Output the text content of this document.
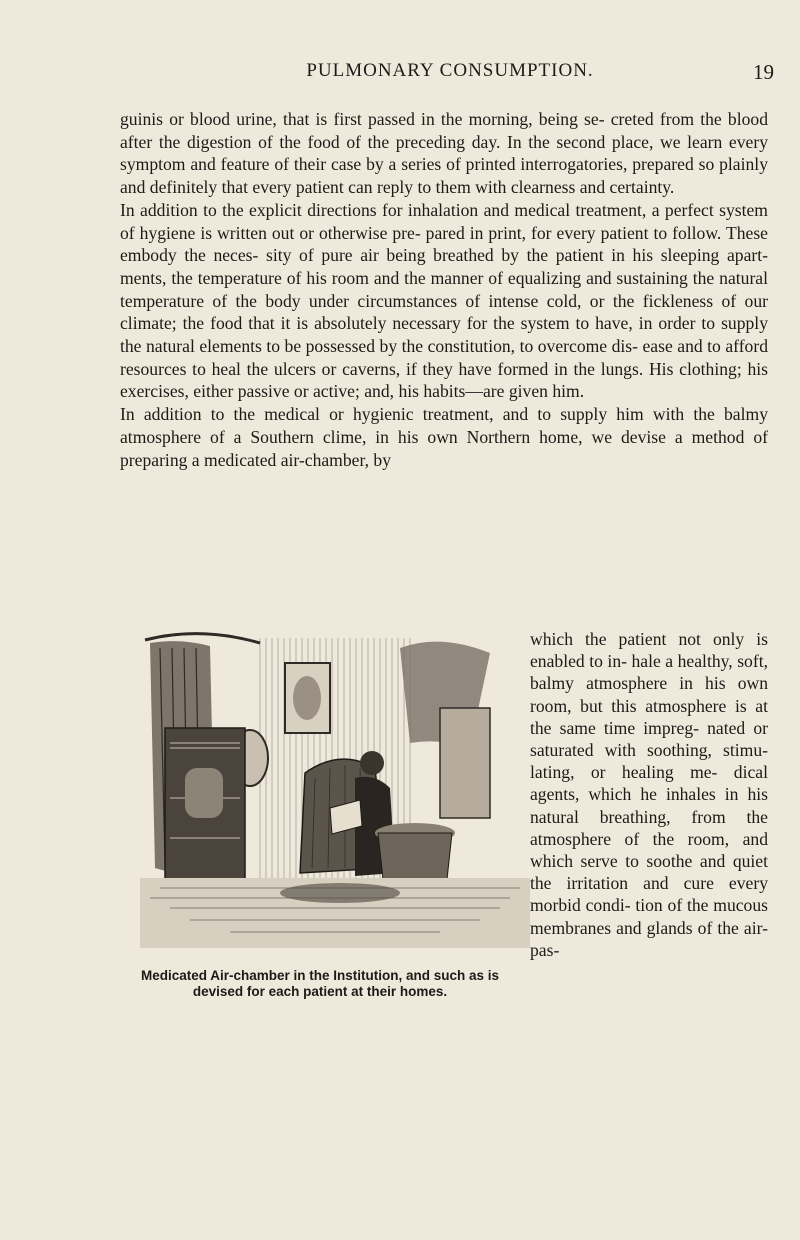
PULMONARY CONSUMPTION.	19

guinis or blood urine, that is first passed in the morning, being se- creted from the blood after the digestion of the food of the preceding day. In the second place, we learn every symptom and feature of their case by a series of printed interrogatories, prepared so plainly and definitely that every patient can reply to them with clearness and certainty.

In addition to the explicit directions for inhalation and medical treatment, a perfect system of hygiene is written out or otherwise pre- pared in print, for every patient to follow. These embody the neces- sity of pure air being breathed by the patient in his sleeping apart- ments, the temperature of his room and the manner of equalizing and sustaining the natural temperature of the body under circumstances of intense cold, or the fickleness of our climate; the food that it is absolutely necessary for the system to have, in order to supply the natural elements to be possessed by the constitution, to overcome dis- ease and to afford resources to heal the ulcers or caverns, if they have formed in the lungs. His clothing; his exercises, either passive or active; and, his habits—are given him.

In addition to the medical or hygienic treatment, and to supply him with the balmy atmosphere of a Southern clime, in his own Northern home, we devise a method of preparing a medicated air-chamber, by

Medicated Air-chamber in the Institution, and such as is devised for each patient at their homes.
which the patient not only is enabled to in- hale a healthy, soft, balmy atmosphere in his own room, but this atmosphere is at the same time impreg- nated or saturated with soothing, stimu- lating, or healing me- dical agents, which he inhales in his natural breathing, from the atmosphere of the room, and which serve to soothe and quiet the irritation and cure every morbid condi- tion of the mucous membranes and glands of the air-pas-
